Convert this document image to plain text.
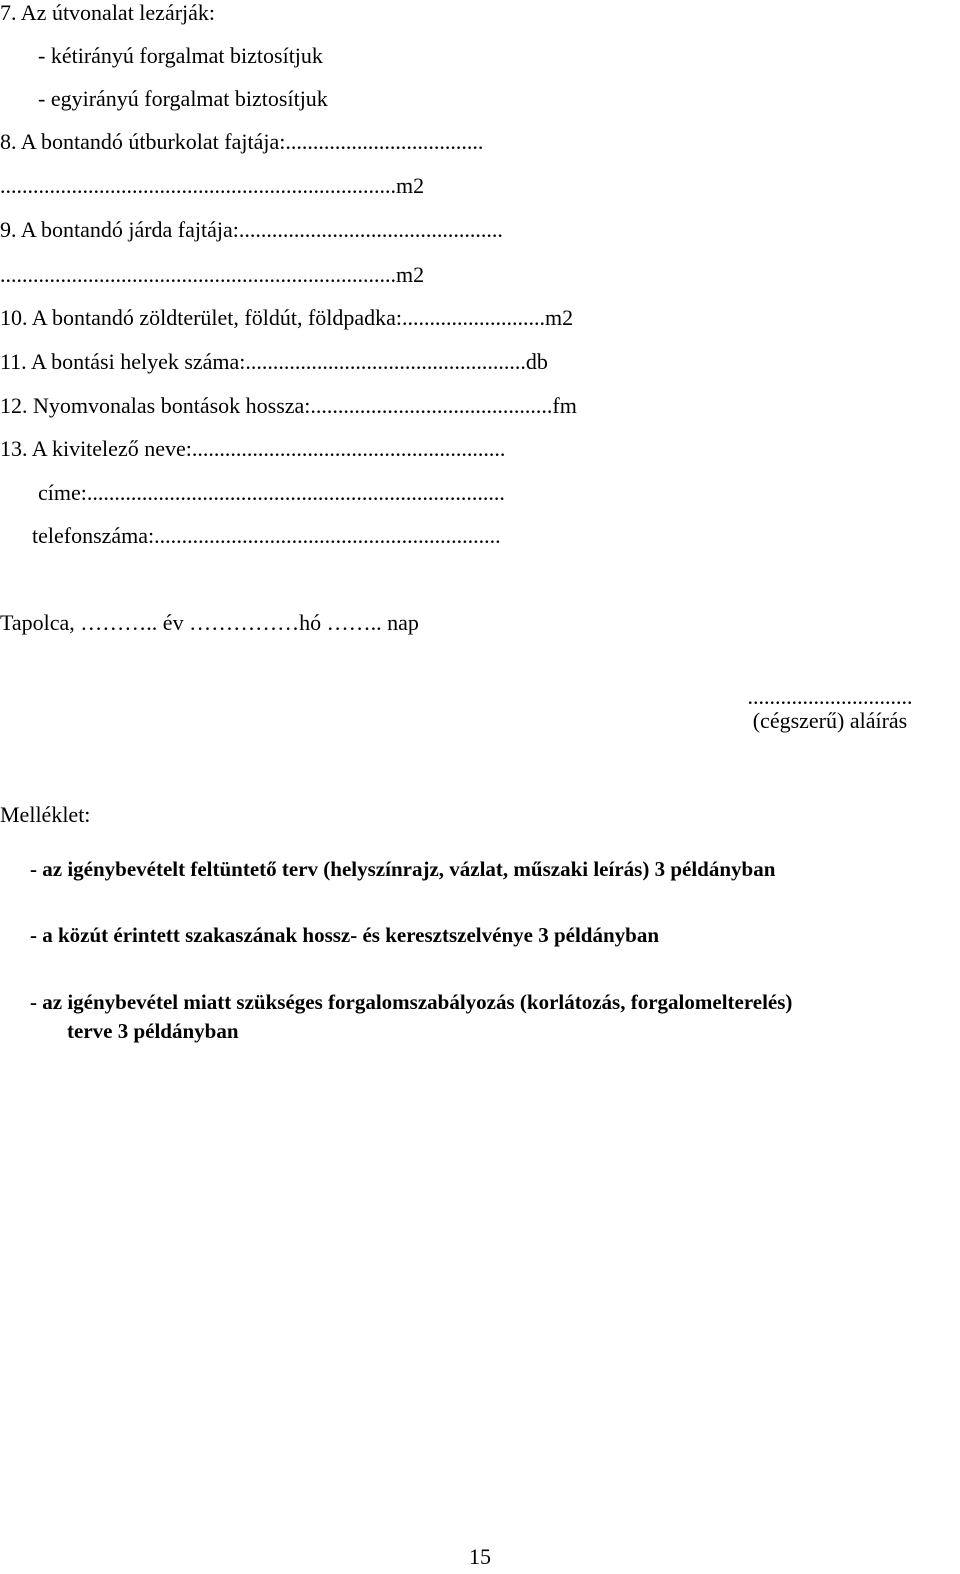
7. Az útvonalat lezárják:
- kétirányú forgalmat biztosítjuk
- egyirányú forgalmat biztosítjuk
8. A bontandó útburkolat fajtája:....................................
........................................................................m2
9. A bontandó járda fajtája:................................................
........................................................................m2
10. A bontandó zöldterület, földút, földpadka:..........................m2
11. A bontási helyek száma:...................................................db
12. Nyomvonalas bontások hossza:............................................fm
13. A kivitelező neve:.........................................................
címe:............................................................................
telefonszáma:...............................................................
Tapolca, ……….. év ……………hó …….. nap
..............................
(cégszerű) aláírás
Melléklet:
- az igénybevételt feltüntető terv (helyszínrajz, vázlat, műszaki leírás) 3 példányban
- a közút érintett szakaszának hossz- és keresztszelvénye 3 példányban
- az igénybevétel miatt szükséges forgalomszabályozás (korlátozás, forgalomelterelés)
terve 3 példányban
15
